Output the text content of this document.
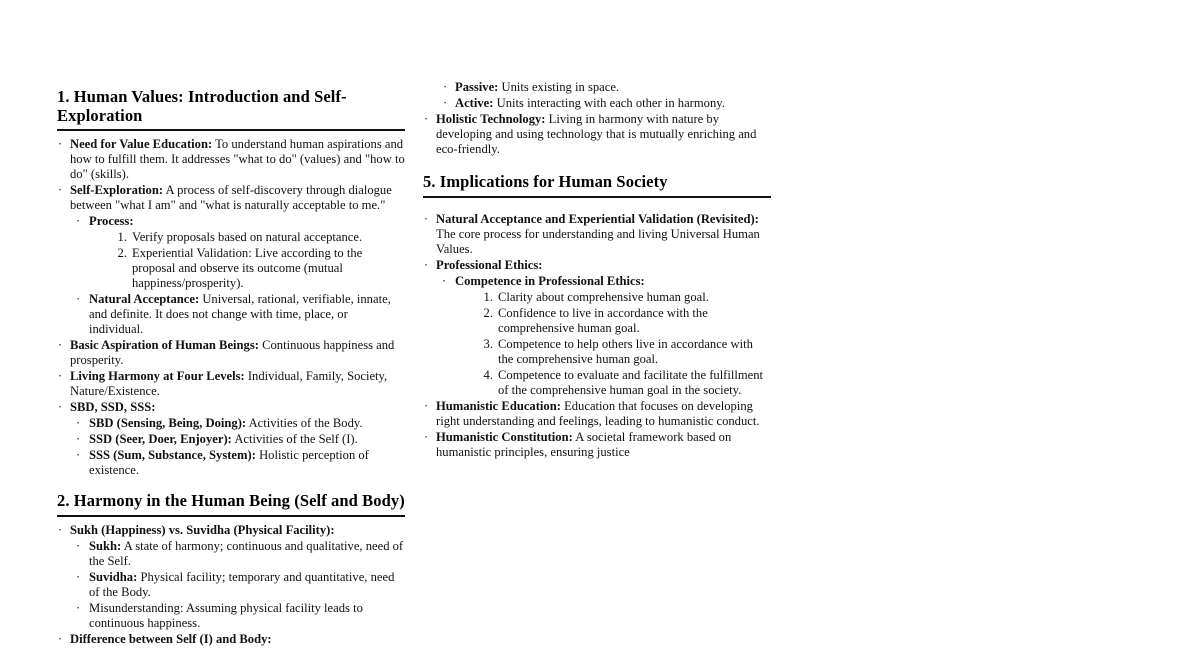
1. Human Values: Introduction and Self-Exploration
· Need for Value Education: To understand human aspirations and how to fulfill them. It addresses "what to do" (values) and "how to do" (skills).
· Self-Exploration: A process of self-discovery through dialogue between "what I am" and "what is naturally acceptable to me."
· Process:
1. Verify proposals based on natural acceptance.
2. Experiential Validation: Live according to the proposal and observe its outcome (mutual happiness/prosperity).
· Natural Acceptance: Universal, rational, verifiable, innate, and definite. It does not change with time, place, or individual.
· Basic Aspiration of Human Beings: Continuous happiness and prosperity.
· Living Harmony at Four Levels: Individual, Family, Society, Nature/Existence.
· SBD, SSD, SSS:
· SBD (Sensing, Being, Doing): Activities of the Body.
· SSD (Seer, Doer, Enjoyer): Activities of the Self (I).
· SSS (Sum, Substance, System): Holistic perception of existence.
2. Harmony in the Human Being (Self and Body)
· Sukh (Happiness) vs. Suvidha (Physical Facility):
· Sukh: A state of harmony; continuous and qualitative, need of the Self.
· Suvidha: Physical facility; temporary and quantitative, need of the Body.
· Misunderstanding: Assuming physical facility leads to continuous happiness.
· Difference between Self (I) and Body:
· Passive: Units existing in space.
· Active: Units interacting with each other in harmony.
· Holistic Technology: Living in harmony with nature by developing and using technology that is mutually enriching and eco-friendly.
5. Implications for Human Society
· Natural Acceptance and Experiential Validation (Revisited): The core process for understanding and living Universal Human Values.
· Professional Ethics:
· Competence in Professional Ethics:
1. Clarity about comprehensive human goal.
2. Confidence to live in accordance with the comprehensive human goal.
3. Competence to help others live in accordance with the comprehensive human goal.
4. Competence to evaluate and facilitate the fulfillment of the comprehensive human goal in the society.
· Humanistic Education: Education that focuses on developing right understanding and feelings, leading to humanistic conduct.
· Humanistic Constitution: A societal framework based on humanistic principles, ensuring justice
